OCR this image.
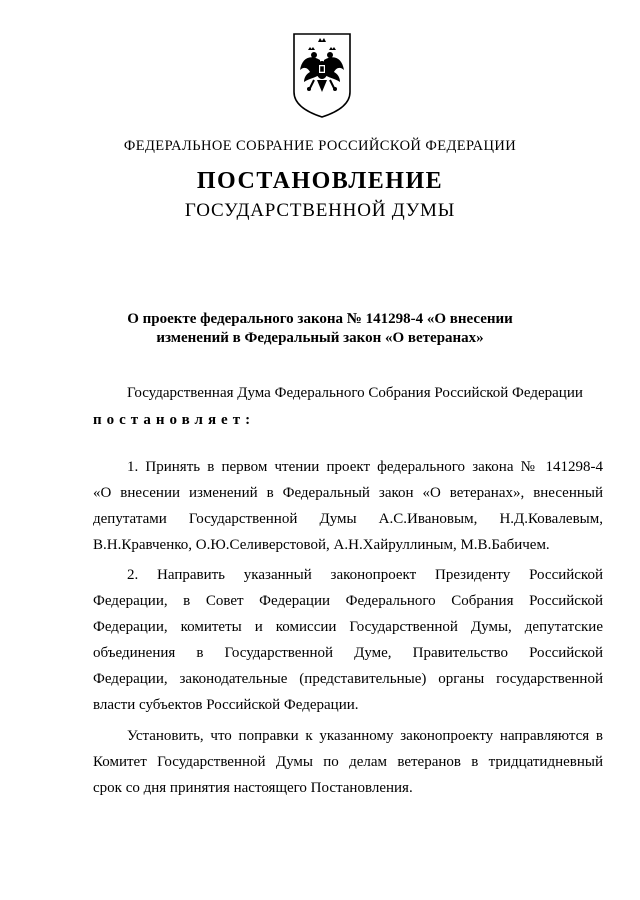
ФЕДЕРАЛЬНОЕ СОБРАНИЕ РОССИЙСКОЙ ФЕДЕРАЦИИ
ПОСТАНОВЛЕНИЕ
ГОСУДАРСТВЕННОЙ ДУМЫ
О проекте федерального закона № 141298-4 «О внесении
изменений в Федеральный закон «О ветеранах»
Государственная Дума Федерального Собрания Российской Федерации
постановляет:
1. Принять в первом чтении проект федерального закона № 141298-4
«О внесении изменений в Федеральный закон «О ветеранах», внесенный
депутатами Государственной Думы А.С.Ивановым, Н.Д.Ковалевым,
В.Н.Кравченко, О.Ю.Селиверстовой, А.Н.Хайруллиным, М.В.Бабичем.
2. Направить указанный законопроект Президенту Российской
Федерации, в Совет Федерации Федерального Собрания Российской
Федерации, комитеты и комиссии Государственной Думы, депутатские
объединения в Государственной Думе, Правительство Российской
Федерации, законодательные (представительные) органы государственной
власти субъектов Российской Федерации.
Установить, что поправки к указанному законопроекту направляются в
Комитет Государственной Думы по делам ветеранов в тридцатидневный
срок со дня принятия настоящего Постановления.
